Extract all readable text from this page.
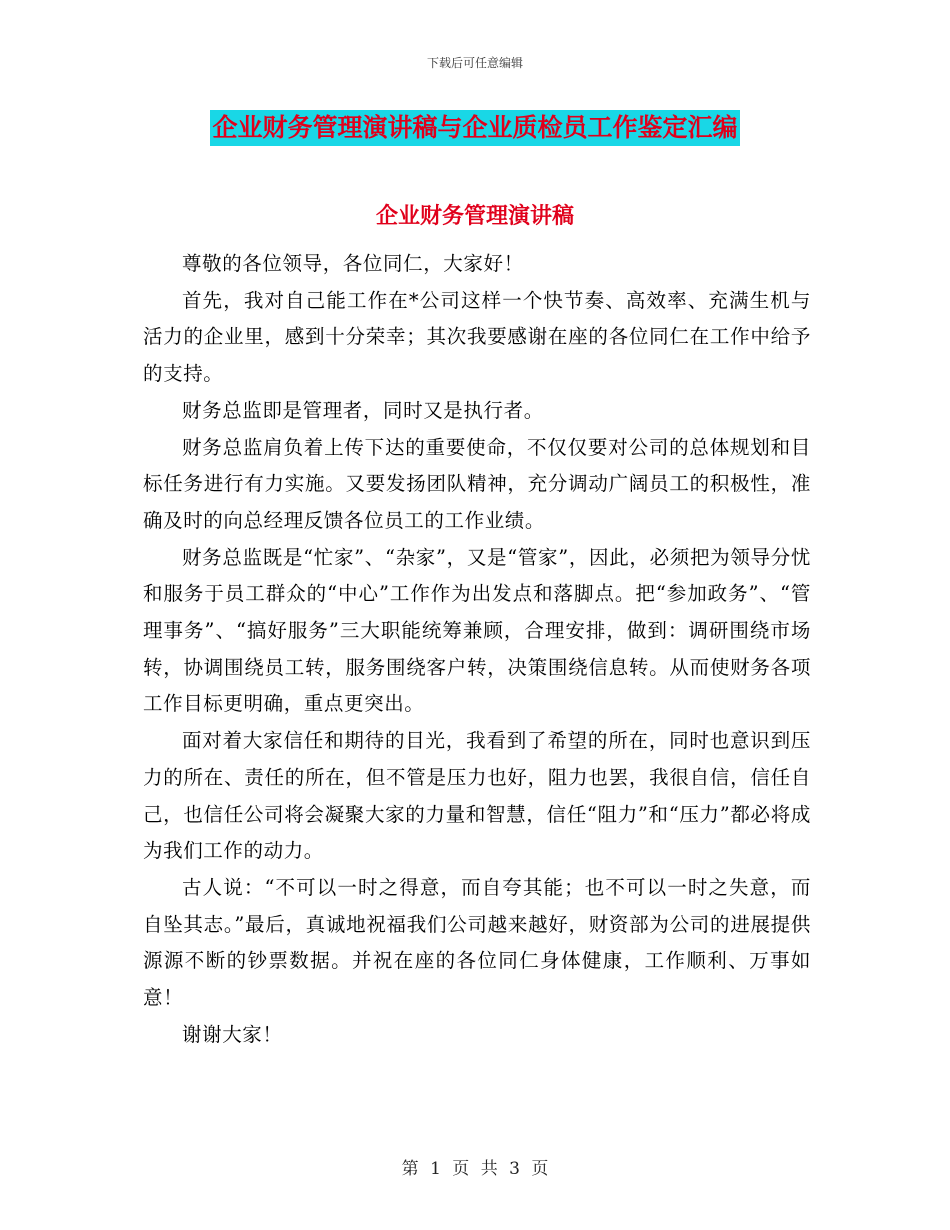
下载后可任意编辑
企业财务管理演讲稿与企业质检员工作鉴定汇编
企业财务管理演讲稿

尊敬的各位领导，各位同仁，大家好！

首先，我对自己能工作在*公司这样一个快节奏、高效率、充满生机与活力的企业里，感到十分荣幸；其次我要感谢在座的各位同仁在工作中给予的支持。

财务总监即是管理者，同时又是执行者。

财务总监肩负着上传下达的重要使命，不仅仅要对公司的总体规划和目标任务进行有力实施。又要发扬团队精神，充分调动广阔员工的积极性，准确及时的向总经理反馈各位员工的工作业绩。

财务总监既是“忙家”、“杂家”，又是“管家”，因此，必须把为领导分忧和服务于员工群众的“中心”工作作为出发点和落脚点。把“参加政务”、“管理事务”、“搞好服务”三大职能统筹兼顾，合理安排，做到：调研围绕市场转，协调围绕员工转，服务围绕客户转，决策围绕信息转。从而使财务各项工作目标更明确，重点更突出。

面对着大家信任和期待的目光，我看到了希望的所在，同时也意识到压力的所在、责任的所在，但不管是压力也好，阻力也罢，我很自信，信任自己，也信任公司将会凝聚大家的力量和智慧，信任“阻力”和“压力”都必将成为我们工作的动力。

古人说：“不可以一时之得意，而自夸其能；也不可以一时之失意，而自坠其志。”最后，真诚地祝福我们公司越来越好，财资部为公司的进展提供源源不断的钞票数据。并祝在座的各位同仁身体健康，工作顺利、万事如意！

谢谢大家！

第 1 页 共 3 页
